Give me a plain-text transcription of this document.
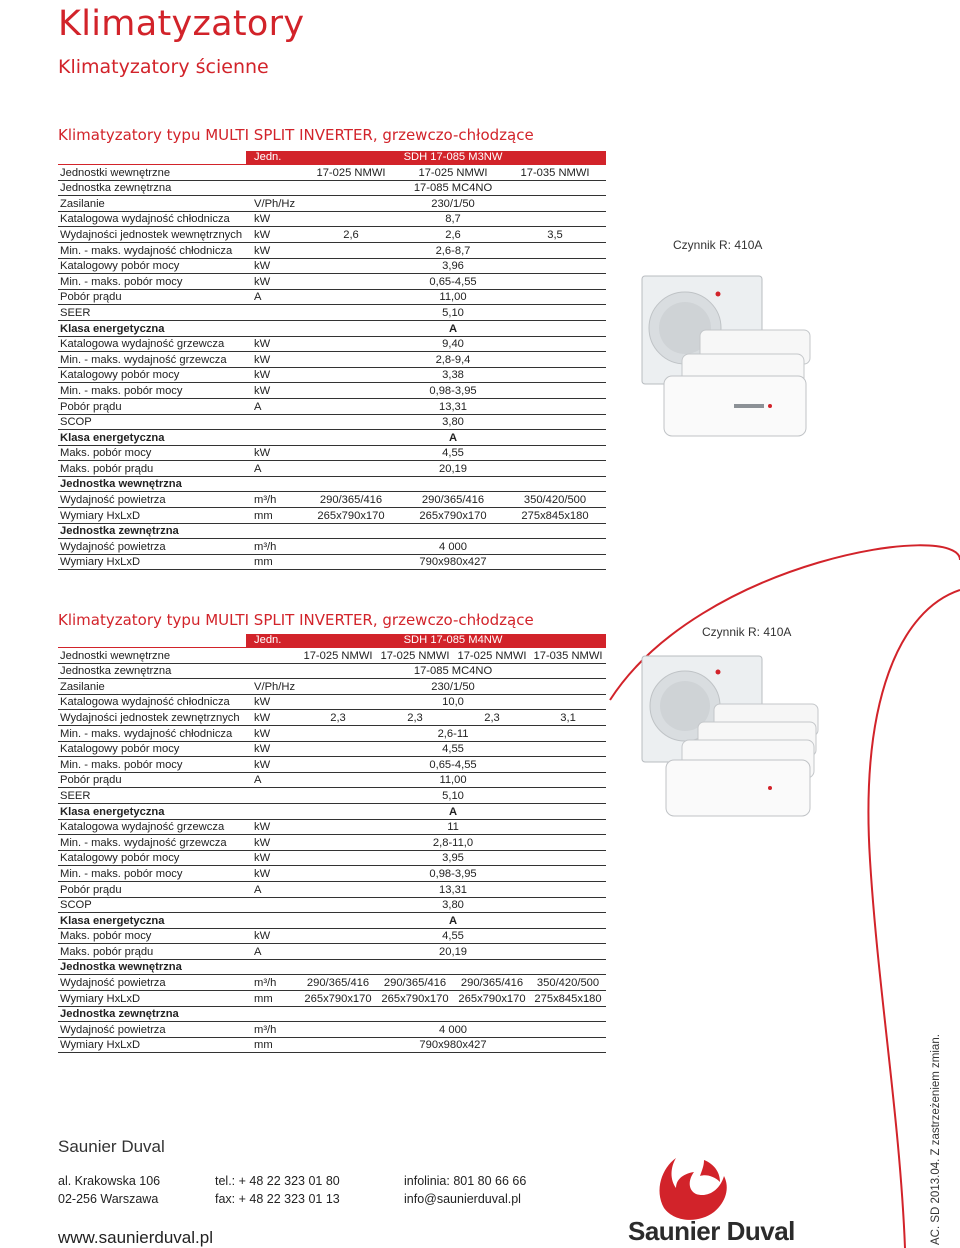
Klimatyzatory
Klimatyzatory ścienne
Klimatyzatory typu MULTI SPLIT INVERTER, grzewczo-chłodzące
	Jedn.	SDH 17-085 M3NW		
Jednostki wewnętrzne		17-025 NMWI	17-025 NMWI	17-035 NMWI
Jednostka zewnętrzna		17-085 MC4NO		
Zasilanie	V/Ph/Hz	230/1/50		
Katalogowa wydajność chłodnicza	kW	8,7		
Wydajności jednostek wewnętrznych	kW	2,6	2,6	3,5
Min. - maks. wydajność chłodnicza	kW	2,6-8,7		
Katalogowy pobór mocy	kW	3,96		
Min. - maks. pobór mocy	kW	0,65-4,55		
Pobór prądu	A	11,00		
SEER		5,10		
Klasa energetyczna		A		
Katalogowa wydajność grzewcza	kW	9,40		
Min. - maks. wydajność grzewcza	kW	2,8-9,4		
Katalogowy pobór mocy	kW	3,38		
Min. - maks. pobór mocy	kW	0,98-3,95		
Pobór prądu	A	13,31		
SCOP		3,80		
Klasa energetyczna		A		
Maks. pobór mocy	kW	4,55		
Maks. pobór prądu	A	20,19		
Jednostka wewnętrzna				
Wydajność powietrza	m³/h	290/365/416	290/365/416	350/420/500
Wymiary HxLxD	mm	265x790x170	265x790x170	275x845x180
Jednostka zewnętrzna				
Wydajność powietrza	m³/h	4 000		
Wymiary HxLxD	mm	790x980x427		
Czynnik R: 410A
Klimatyzatory typu MULTI SPLIT INVERTER, grzewczo-chłodzące
Czynnik R: 410A
	Jedn.	SDH 17-085 M4NW			
Jednostki wewnętrzne		17-025 NMWI	17-025 NMWI	17-025 NMWI	17-035 NMWI
Jednostka zewnętrzna		17-085 MC4NO			
Zasilanie	V/Ph/Hz	230/1/50			
Katalogowa wydajność chłodnicza	kW	10,0			
Wydajności jednostek zewnętrznych	kW	2,3	2,3	2,3	3,1
Min. - maks. wydajność chłodnicza	kW	2,6-11			
Katalogowy pobór mocy	kW	4,55			
Min. - maks. pobór mocy	kW	0,65-4,55			
Pobór prądu	A	11,00			
SEER		5,10			
Klasa energetyczna		A			
Katalogowa wydajność grzewcza	kW	11			
Min. - maks. wydajność grzewcza	kW	2,8-11,0			
Katalogowy pobór mocy	kW	3,95			
Min. - maks. pobór mocy	kW	0,98-3,95			
Pobór prądu	A	13,31			
SCOP		3,80			
Klasa energetyczna		A			
Maks. pobór mocy	kW	4,55			
Maks. pobór prądu	A	20,19			
Jednostka wewnętrzna					
Wydajność powietrza	m³/h	290/365/416	290/365/416	290/365/416	350/420/500
Wymiary HxLxD	mm	265x790x170	265x790x170	265x790x170	275x845x180
Jednostka zewnętrzna					
Wydajność powietrza	m³/h	4 000			
Wymiary HxLxD	mm	790x980x427			
Saunier Duval
al. Krakowska 106
02-256 Warszawa
tel.: + 48 22 323 01 80
fax: + 48 22 323 01 13
infolinia: 801 80 66 66
info@saunierduval.pl
www.saunierduval.pl	Saunier Duval	AC. SD 2013.04. Z zastrzeżeniem zmian.
